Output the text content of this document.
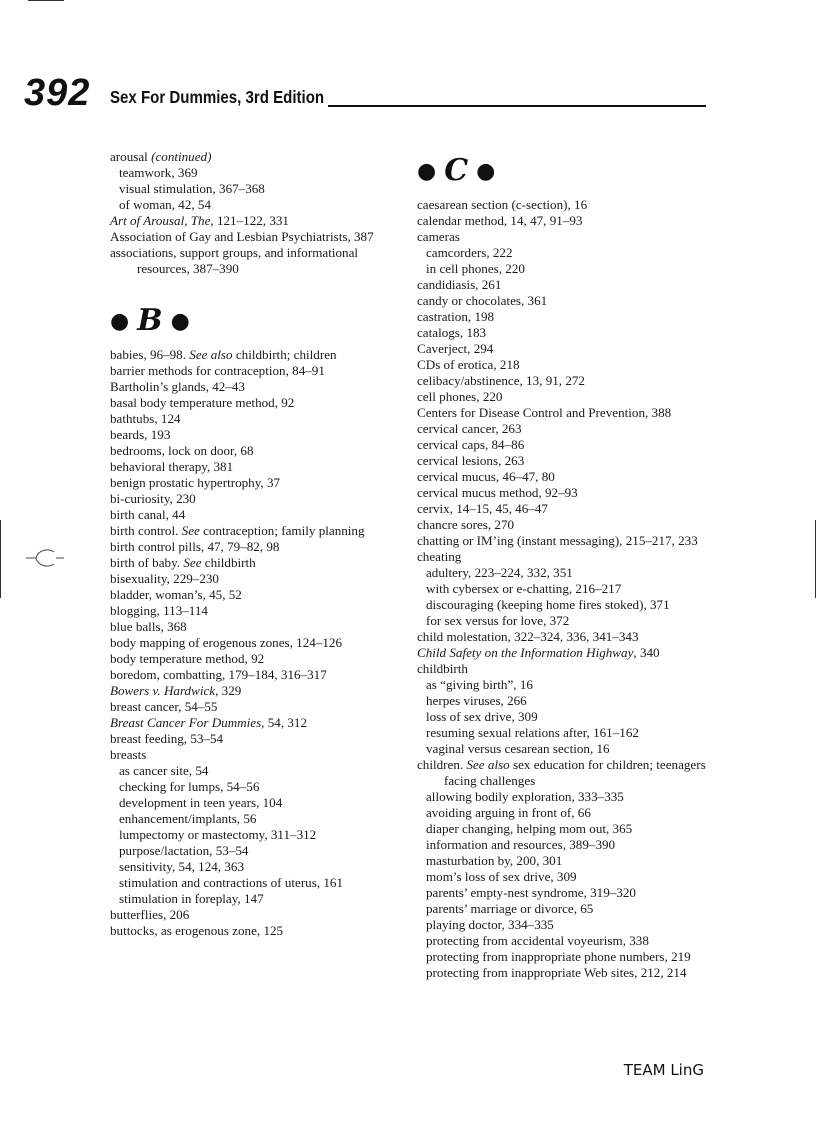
392 Sex For Dummies, 3rd Edition

arousal (continued)

teamwork, 369

visual stimulation, 367–368

of woman, 42, 54

Art of Arousal, The, 121–122, 331

Association of Gay and Lesbian Psychiatrists, 387

associations, support groups, and informational resources, 387–390

● B ●

babies, 96–98. See also childbirth; children

barrier methods for contraception, 84–91

Bartholin’s glands, 42–43

basal body temperature method, 92

bathtubs, 124

beards, 193

bedrooms, lock on door, 68

behavioral therapy, 381

benign prostatic hypertrophy, 37

bi-curiosity, 230

birth canal, 44

birth control. See contraception; family planning

birth control pills, 47, 79–82, 98

birth of baby. See childbirth

bisexuality, 229–230

bladder, woman’s, 45, 52

blogging, 113–114

blue balls, 368

body mapping of erogenous zones, 124–126

body temperature method, 92

boredom, combatting, 179–184, 316–317

Bowers v. Hardwick, 329

breast cancer, 54–55

Breast Cancer For Dummies, 54, 312

breast feeding, 53–54

breasts

as cancer site, 54

checking for lumps, 54–56

development in teen years, 104

enhancement/implants, 56

lumpectomy or mastectomy, 311–312

purpose/lactation, 53–54

sensitivity, 54, 124, 363

stimulation and contractions of uterus, 161

stimulation in foreplay, 147

butterflies, 206

buttocks, as erogenous zone, 125

● C ●

caesarean section (c-section), 16

calendar method, 14, 47, 91–93

cameras

camcorders, 222

in cell phones, 220

candidiasis, 261

candy or chocolates, 361

castration, 198

catalogs, 183

Caverject, 294

CDs of erotica, 218

celibacy/abstinence, 13, 91, 272

cell phones, 220

Centers for Disease Control and Prevention, 388

cervical cancer, 263

cervical caps, 84–86

cervical lesions, 263

cervical mucus, 46–47, 80

cervical mucus method, 92–93

cervix, 14–15, 45, 46–47

chancre sores, 270

chatting or IM’ing (instant messaging), 215–217, 233

cheating

adultery, 223–224, 332, 351

with cybersex or e-chatting, 216–217

discouraging (keeping home fires stoked), 371

for sex versus for love, 372

child molestation, 322–324, 336, 341–343

Child Safety on the Information Highway, 340

childbirth

as “giving birth”, 16

herpes viruses, 266

loss of sex drive, 309

resuming sexual relations after, 161–162

vaginal versus cesarean section, 16

children. See also sex education for children; teenagers facing challenges

allowing bodily exploration, 333–335

avoiding arguing in front of, 66

diaper changing, helping mom out, 365

information and resources, 389–390

masturbation by, 200, 301

mom’s loss of sex drive, 309

parents’ empty-nest syndrome, 319–320

parents’ marriage or divorce, 65

playing doctor, 334–335

protecting from accidental voyeurism, 338

protecting from inappropriate phone numbers, 219

protecting from inappropriate Web sites, 212, 214

TEAM LinG
